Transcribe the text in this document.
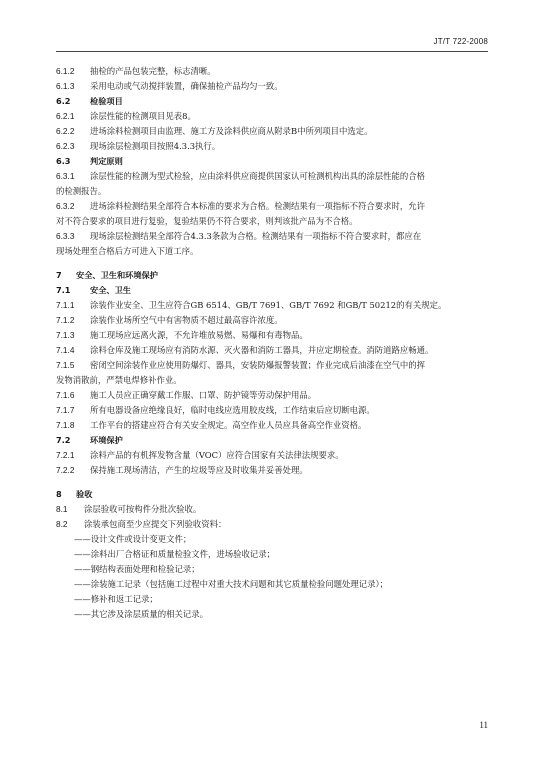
JT/T 722-2008
6.1.2 抽检的产品包装完整，标志清晰。
6.1.3 采用电动或气动搅拌装置，确保抽检产品均匀一致。
6.2 检验项目
6.2.1 涂层性能的检测项目见表8。
6.2.2 进场涂料检测项目由监理、施工方及涂料供应商从附录B中所列项目中选定。
6.2.3 现场涂层检测项目按照4.3.3执行。
6.3 判定原则
6.3.1 涂层性能的检测为型式检验，应由涂料供应商提供国家认可检测机构出具的涂层性能的合格
的检测报告。
6.3.2 进场涂料检测结果全部符合本标准的要求为合格。检测结果有一项指标不符合要求时，允许
对不符合要求的项目进行复验，复验结果仍不符合要求，则判该批产品为不合格。
6.3.3 现场涂层检测结果全部符合4.3.3条款为合格。检测结果有一项指标不符合要求时，都应在
现场处理至合格后方可进入下道工序。
7 安全、卫生和环境保护
7.1 安全、卫生
7.1.1 涂装作业安全、卫生应符合GB 6514、GB/T 7691、GB/T 7692 和GB/T 50212的有关规定。
7.1.2 涂装作业场所空气中有害物质不超过最高容许浓度。
7.1.3 施工现场应远离火源，不允许堆放易燃、易爆和有毒物品。
7.1.4 涂料仓库及施工现场应有消防水源、灭火器和消防工器具，并应定期检查。消防道路应畅通。
7.1.5 密闭空间涂装作业应使用防爆灯、器具，安装防爆报警装置；作业完成后油漆在空气中的挥
发物消散前，严禁电焊修补作业。
7.1.6 施工人员应正确穿戴工作服、口罩、防护镜等劳动保护用品。
7.1.7 所有电器设备应绝缘良好，临时电线应选用胶皮线，工作结束后应切断电源。
7.1.8 工作平台的搭建应符合有关安全规定。高空作业人员应具备高空作业资格。
7.2 环境保护
7.2.1 涂料产品的有机挥发物含量（VOC）应符合国家有关法律法规要求。
7.2.2 保持施工现场清洁，产生的垃圾等应及时收集并妥善处理。
8 验收
8.1 涂层验收可按构件分批次验收。
8.2 涂装承包商至少应提交下列验收资料：
——设计文件或设计变更文件；
——涂料出厂合格证和质量检验文件，进场验收记录；
——钢结构表面处理和检验记录；
——涂装施工记录（包括施工过程中对重大技术问题和其它质量检验问题处理记录）；
——修补和返工记录；
——其它涉及涂层质量的相关记录。
11
